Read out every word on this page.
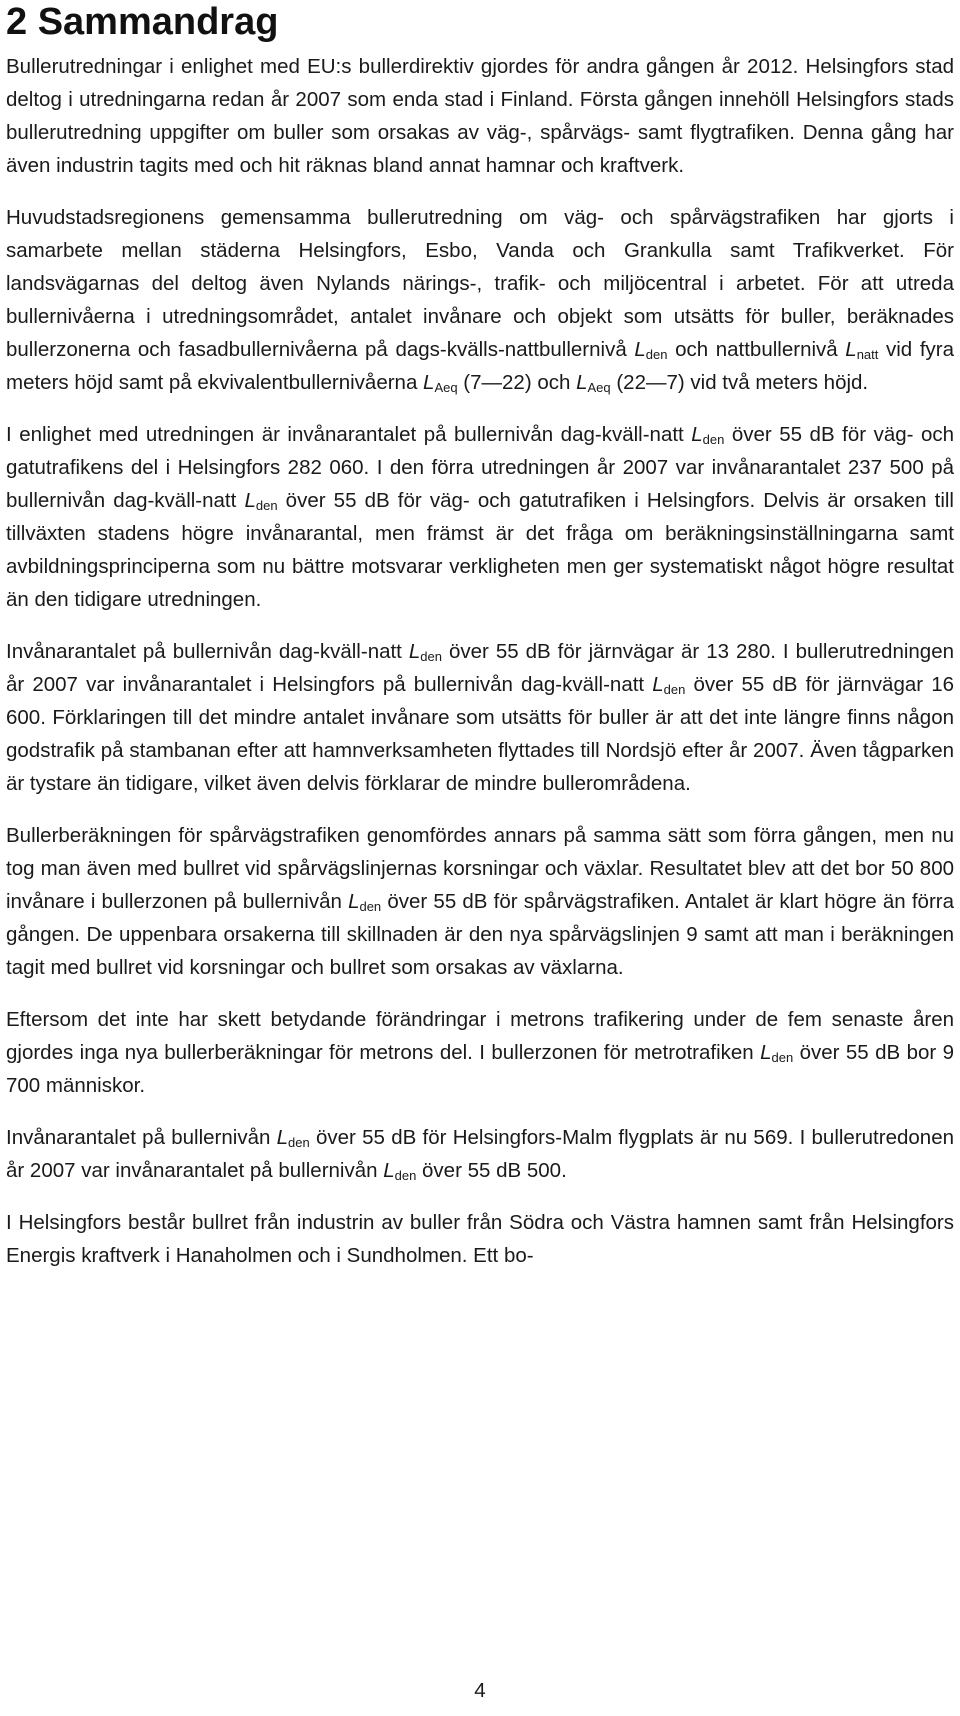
2 Sammandrag

Bullerutredningar i enlighet med EU:s bullerdirektiv gjordes för andra gången år 2012. Helsingfors stad deltog i utredningarna redan år 2007 som enda stad i Finland. Första gången innehöll Helsingfors stads bullerutredning uppgifter om buller som orsakas av väg-, spårvägs- samt flygtrafiken. Denna gång har även industrin tagits med och hit räknas bland annat hamnar och kraftverk.

Huvudstadsregionens gemensamma bullerutredning om väg- och spårvägstrafiken har gjorts i samarbete mellan städerna Helsingfors, Esbo, Vanda och Grankulla samt Trafikverket. För landsvägarnas del deltog även Nylands närings-, trafik- och miljöcentral i arbetet. För att utreda bullernivåerna i utredningsområdet, antalet invånare och objekt som utsätts för buller, beräknades bullerzonerna och fasadbullernivåerna på dags-kvälls-nattbullernivå $L_{den}$ och nattbullernivå $L_{natt}$ vid fyra meters höjd samt på ekvivalentbullernivåerna $L_{Aeq}$ (7—22) och $L_{Aeq}$ (22—7) vid två meters höjd.

I enlighet med utredningen är invånarantalet på bullernivån dag-kväll-natt $L_{den}$ över 55 dB för väg- och gatutrafikens del i Helsingfors 282 060. I den förra utredningen år 2007 var invånarantalet 237 500 på bullernivån dag-kväll-natt $L_{den}$ över 55 dB för väg- och gatutrafiken i Helsingfors. Delvis är orsaken till tillväxten stadens högre invånarantal, men främst är det fråga om beräkningsinställningarna samt avbildningsprinciperna som nu bättre motsvarar verkligheten men ger systematiskt något högre resultat än den tidigare utredningen.

Invånarantalet på bullernivån dag-kväll-natt $L_{den}$ över 55 dB för järnvägar är 13 280. I bullerutredningen år 2007 var invånarantalet i Helsingfors på bullernivån dag-kväll-natt $L_{den}$ över 55 dB för järnvägar 16 600. Förklaringen till det mindre antalet invånare som utsätts för buller är att det inte längre finns någon godstrafik på stambanan efter att hamnverksamheten flyttades till Nordsjö efter år 2007. Även tågparken är tystare än tidigare, vilket även delvis förklarar de mindre bullerområdena.

Bullerberäkningen för spårvägstrafiken genomfördes annars på samma sätt som förra gången, men nu tog man även med bullret vid spårvägslinjernas korsningar och växlar. Resultatet blev att det bor 50 800 invånare i bullerzonen på bullernivån $L_{den}$ över 55 dB för spårvägstrafiken. Antalet är klart högre än förra gången. De uppenbara orsakerna till skillnaden är den nya spårvägslinjen 9 samt att man i beräkningen tagit med bullret vid korsningar och bullret som orsakas av växlarna.

Eftersom det inte har skett betydande förändringar i metrons trafikering under de fem senaste åren gjordes inga nya bullerberäkningar för metrons del. I bullerzonen för metrotrafiken $L_{den}$ över 55 dB bor 9 700 människor.

Invånarantalet på bullernivån $L_{den}$ över 55 dB för Helsingfors-Malm flygplats är nu 569. I bullerutredonen år 2007 var invånarantalet på bullernivån $L_{den}$ över 55 dB 500.

I Helsingfors består bullret från industrin av buller från Södra och Västra hamnen samt från Helsingfors Energis kraftverk i Hanaholmen och i Sundholmen. Ett bo-

4
